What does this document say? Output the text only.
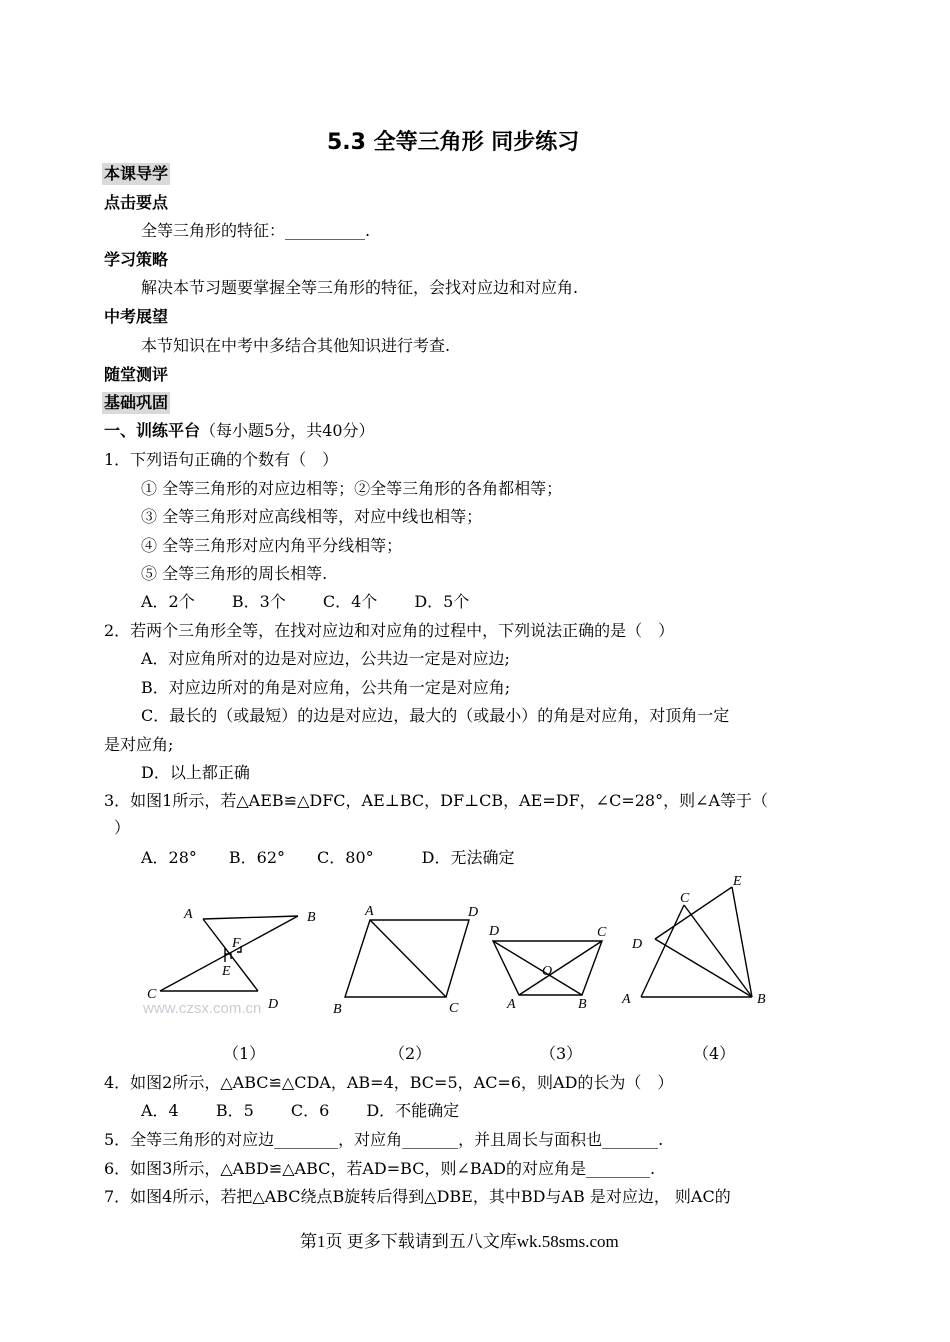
5.3 全等三角形 同步练习
本课导学
点击要点
全等三角形的特征：__________.
学习策略
解决本节习题要掌握全等三角形的特征，会找对应边和对应角.
中考展望
本节知识在中考中多结合其他知识进行考查.
随堂测评
基础巩固
一、训练平台（每小题5分，共40分）
1．下列语句正确的个数有（　）
① 全等三角形的对应边相等；②全等三角形的各角都相等；
③ 全等三角形对应高线相等，对应中线也相等；
④ 全等三角形对应内角平分线相等；
⑤ 全等三角形的周长相等.
A．2个　　 B．3个　　 C．4个　　 D．5个
2．若两个三角形全等，在找对应边和对应角的过程中，下列说法正确的是（　）
A．对应角所对的边是对应边，公共边一定是对应边;
B．对应边所对的角是对应角，公共角一定是对应角;
C．最长的（或最短）的边是对应边，最大的（或最小）的角是对应角，对顶角一定
是对应角;
D．以上都正确
3．如图1所示，若△AEB≌△DFC，AE⊥BC，DF⊥CB，AE=DF，∠C=28°，则∠A等于（
）
A．28°　　B．62°　　C．80°　　　D．无法确定
A	B
F
E
C
D
www.czsx.com.cn
A	D
B	C
D	C
O
A	B
E
C
D
A	B
（1）	（2）	（3）	（4）
4．如图2所示，△ABC≌△CDA，AB=4，BC=5，AC=6，则AD的长为（　）
A．4　　 B．5　　 C．6　　 D．不能确定
5．全等三角形的对应边________，对应角_______，并且周长与面积也_______.
6．如图3所示，△ABD≌△ABC，若AD=BC，则∠BAD的对应角是________.
7．如图4所示，若把△ABC绕点B旋转后得到△DBE，其中BD与AB 是对应边， 则AC的
第1页 更多下载请到五八文库wk.58sms.com
